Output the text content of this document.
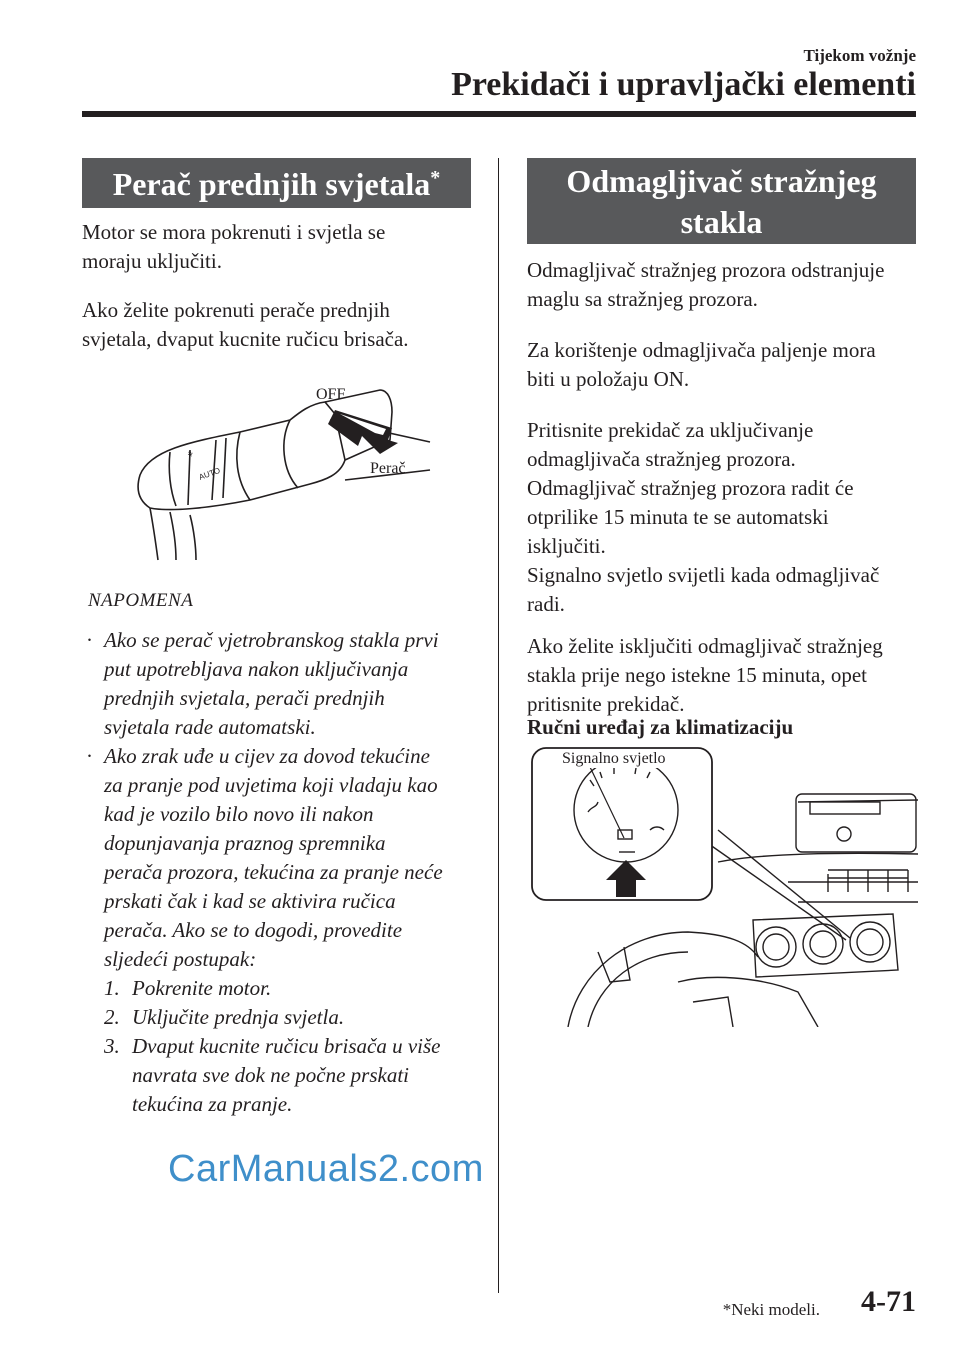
Tijekom vožnje
Prekidači i upravljački elementi
Perač prednjih svjetala*

Motor se mora pokrenuti i svjetla se

moraju uključiti.

Ako želite pokrenuti perače prednjih

svjetala, dvaput kucnite ručicu brisača.

AUTO
⚘
OFF
Perač
NAPOMENA
· Ako se perač vjetrobranskog stakla prvi
put upotrebljava nakon uključivanja
prednjih svjetala, perači prednjih
svjetala rade automatski.
· Ako zrak uđe u cijev za dovod tekućine
za pranje pod uvjetima koji vladaju kao
kad je vozilo bilo novo ili nakon
dopunjavanja praznog spremnika
perača prozora, tekućina za pranje neće
prskati čak i kad se aktivira ručica
perača. Ako se to dogodi, provedite
sljedeći postupak:
1. Pokrenite motor.
2. Uključite prednja svjetla.
3. Dvaput kucnite ručicu brisača u više
navrata sve dok ne počne prskati
tekućina za pranje.
Odmagljivač stražnjeg
stakla

Odmagljivač stražnjeg prozora odstranjuje

maglu sa stražnjeg prozora.

Za korištenje odmagljivača paljenje mora

biti u položaju ON.

Pritisnite prekidač za uključivanje

odmagljivača stražnjeg prozora.

Odmagljivač stražnjeg prozora radit će

otprilike 15 minuta te se automatski

isključiti.

Signalno svjetlo svijetli kada odmagljivač

radi.

Ako želite isključiti odmagljivač stražnjeg

stakla prije nego istekne 15 minuta, opet

pritisnite prekidač.

Ručni uređaj za klimatizaciju
Signalno svjetlo
CarManuals2.com
*Neki modeli. 4-71
